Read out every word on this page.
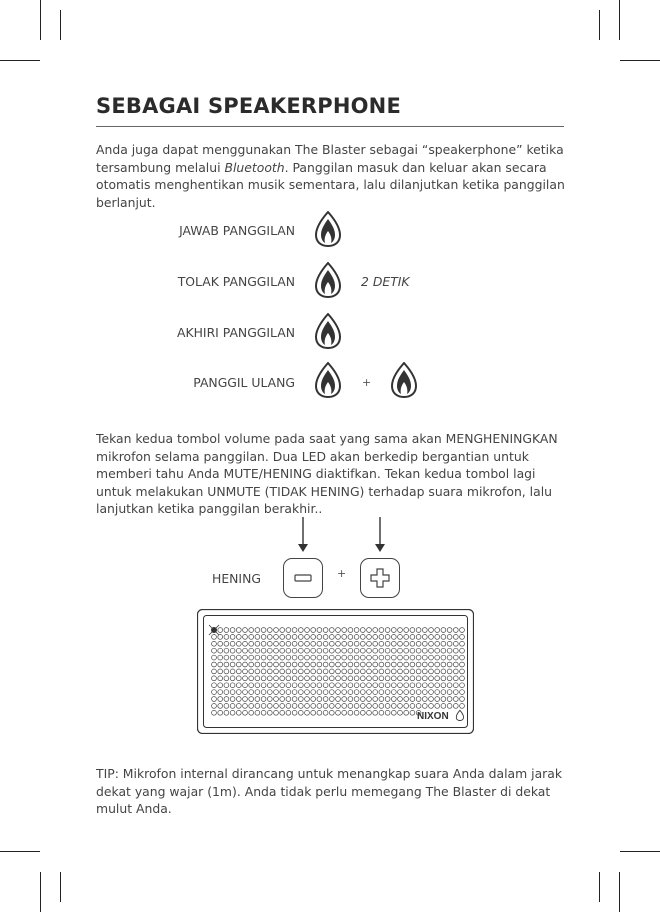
SEBAGAI SPEAKERPHONE
Anda juga dapat menggunakan The Blaster sebagai “speakerphone” ketika tersambung melalui Bluetooth. Panggilan masuk dan keluar akan secara otomatis menghentikan musik sementara, lalu dilanjutkan ketika panggilan berlanjut.
JAWAB PANGGILAN
TOLAK PANGGILAN	2 DETIK
AKHIRI PANGGILAN
PANGGIL ULANG	+
Tekan kedua tombol volume pada saat yang sama akan MENGHENINGKAN mikrofon selama panggilan. Dua LED akan berkedip bergantian untuk memberi tahu Anda MUTE/HENING diaktifkan. Tekan kedua tombol lagi untuk melakukan UNMUTE (TIDAK HENING) terhadap suara mikrofon, lalu lanjutkan ketika panggilan berakhir..
HENING	+
NIXON
TIP: Mikrofon internal dirancang untuk menangkap suara Anda dalam jarak dekat yang wajar (1m). Anda tidak perlu memegang The Blaster di dekat mulut Anda.
